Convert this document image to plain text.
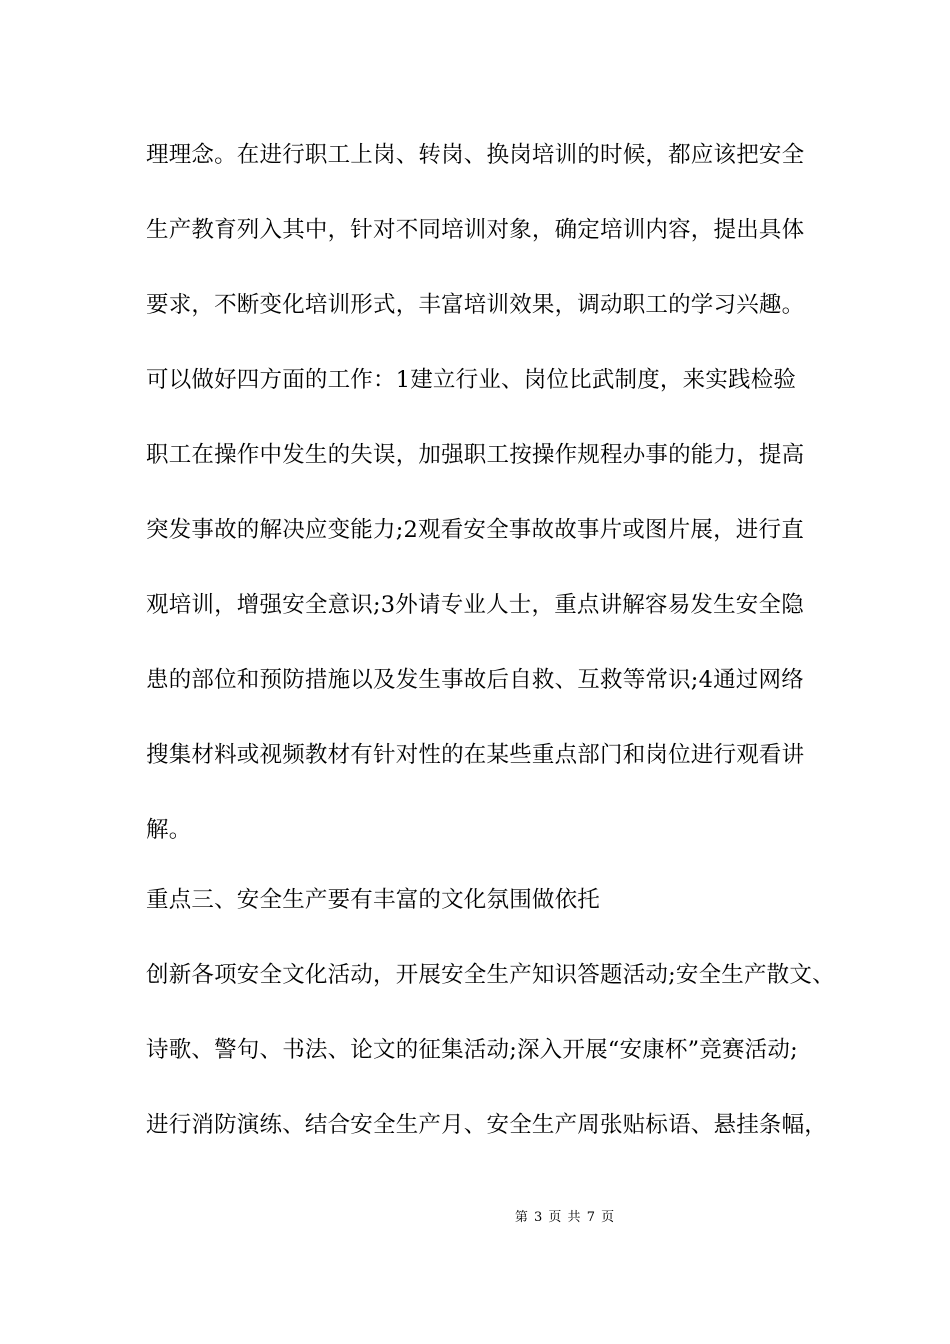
理理念。在进行职工上岗、转岗、换岗培训的时候，都应该把安全
生产教育列入其中，针对不同培训对象，确定培训内容，提出具体
要求，不断变化培训形式，丰富培训效果，调动职工的学习兴趣。
可以做好四方面的工作：1建立行业、岗位比武制度，来实践检验
职工在操作中发生的失误，加强职工按操作规程办事的能力，提高
突发事故的解决应变能力;2观看安全事故故事片或图片展，进行直
观培训，增强安全意识;3外请专业人士，重点讲解容易发生安全隐
患的部位和预防措施以及发生事故后自救、互救等常识;4通过网络
搜集材料或视频教材有针对性的在某些重点部门和岗位进行观看讲
解。
重点三、安全生产要有丰富的文化氛围做依托
创新各项安全文化活动，开展安全生产知识答题活动;安全生产散文、
诗歌、警句、书法、论文的征集活动;深入开展“安康杯”竞赛活动;
进行消防演练、结合安全生产月、安全生产周张贴标语、悬挂条幅，
第 3 页 共 7 页
